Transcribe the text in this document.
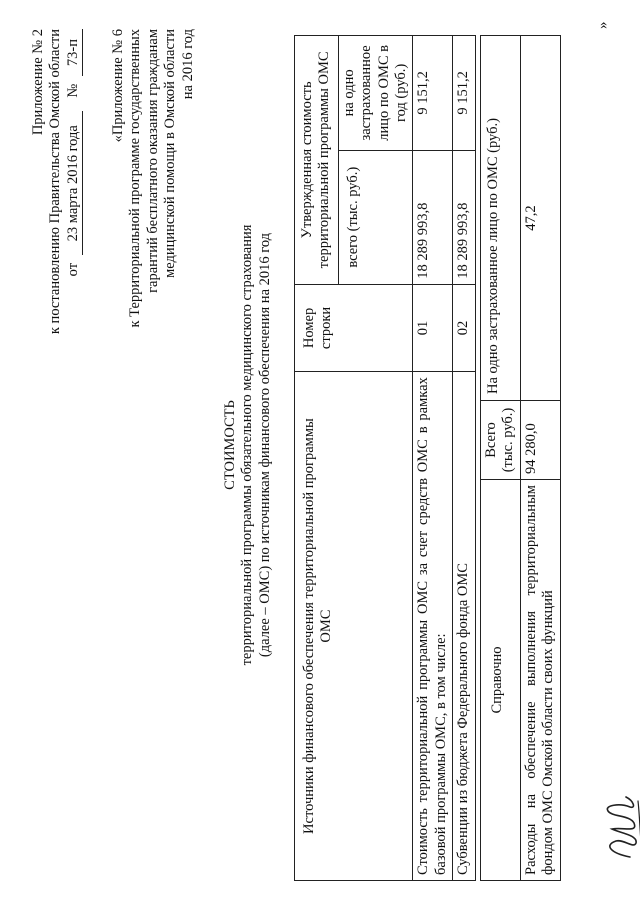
Приложение № 2 к постановлению Правительства Омской области от 23 марта 2016 года № 73-п «Приложение № 6 к Территориальной программе государственных гарантий бесплатного оказания гражданам медицинской помощи в Омской области на 2016 год
СТОИМОСТЬ территориальной программы обязательного медицинского страхования (далее – ОМС) по источникам финансового обеспечения на 2016 год Источники финансового обеспечения территориальной программы ОМС	Номер строки	Утвержденная стоимость территориальной программы ОМС	
		всего (тыс. руб.)	на одно застрахованное лицо по ОМС в год (руб.)
Стоимость территориальной программы ОМС за счет средств ОМС в рамках базовой программы ОМС, в том числе:	01	18 289 993,8	9 151,2
Субвенции из бюджета Федерального фонда ОМС	02	18 289 993,8	9 151,2
Справочно	Всего (тыс. руб.)	На одно застрахованное лицо по ОМС (руб.)
Расходы на обеспечение выполнения территориальным фондом ОМС Омской области своих функций	94 280,0	47,2
»
